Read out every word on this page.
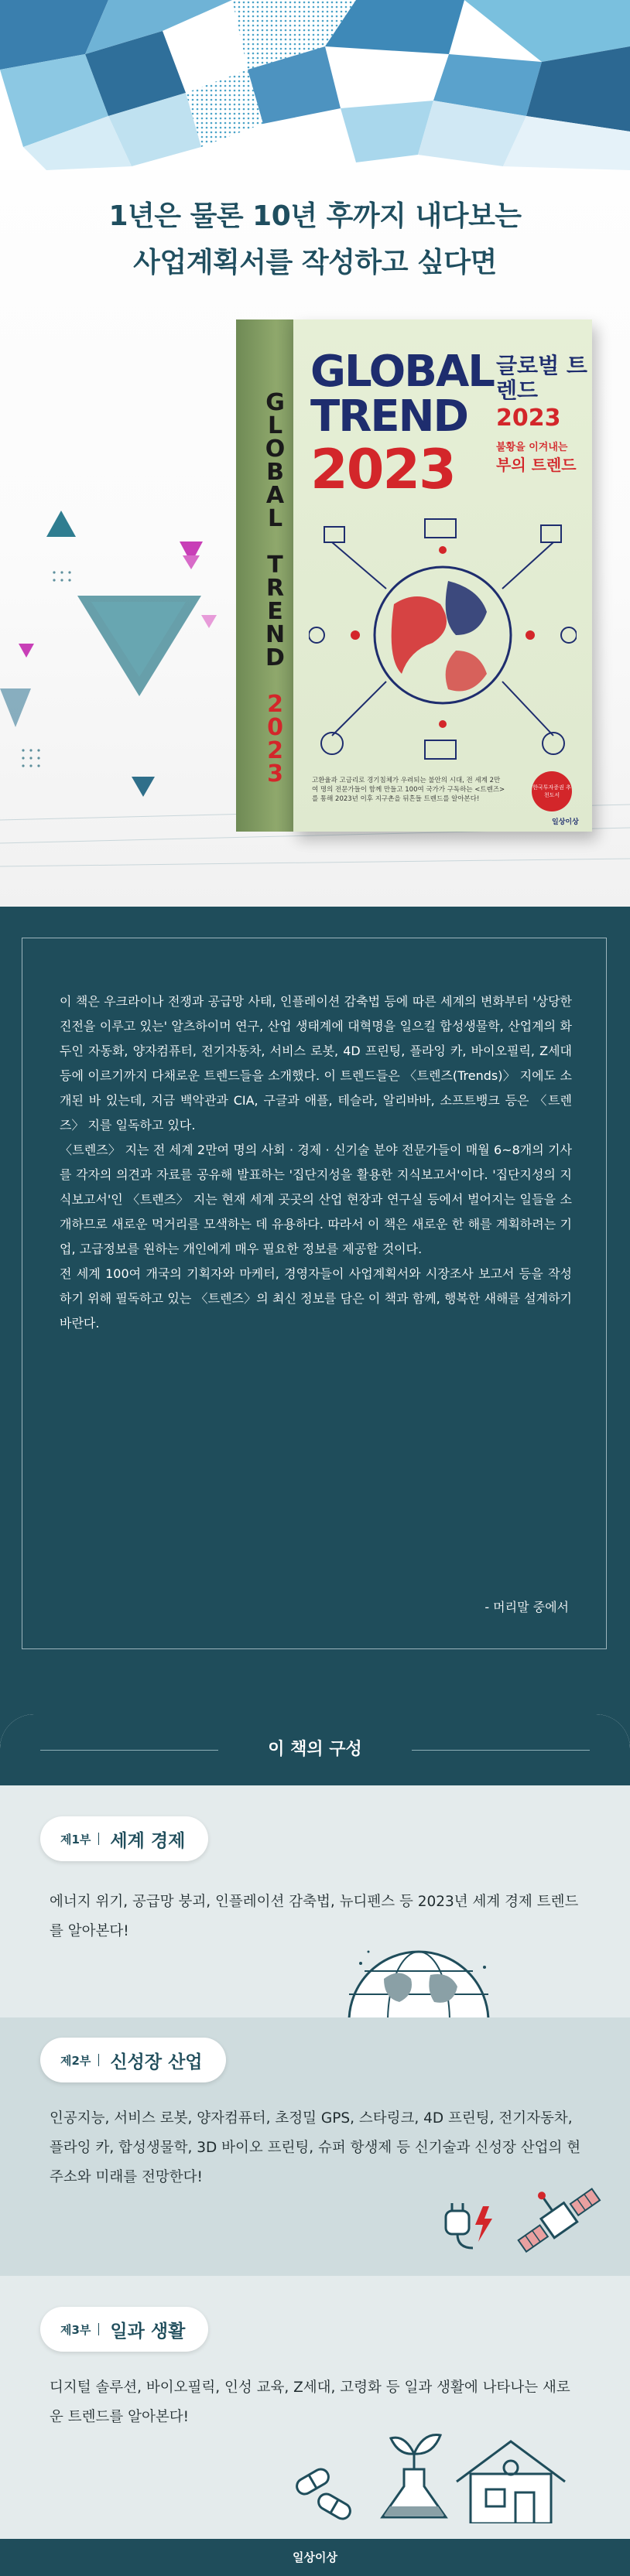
1년은 물론 10년 후까지 내다보는
사업계획서를 작성하고 싶다면
GLOBAL TREND 2023
GLOBAL
TREND
2023
글로벌 트렌드
2023
불황을 이겨내는
부의 트렌드
고환율과 고금리로 경기침체가 우려되는 불안의 시대, 전 세계 2만여 명의 전문가들이 함께 만들고 100여 국가가 구독하는 <트렌즈>를 통해 2023년 이후 지구촌을 뒤흔들 트렌드를 알아본다!
한국투자증권 추천도서
일상이상

이 책은 우크라이나 전쟁과 공급망 사태, 인플레이션 감축법 등에 따른 세계의 변화부터 '상당한 진전을 이루고 있는' 알츠하이머 연구, 산업 생태계에 대혁명을 일으킬 합성생물학, 산업계의 화두인 자동화, 양자컴퓨터, 전기자동차, 서비스 로봇, 4D 프린팅, 플라잉 카, 바이오필릭, Z세대 등에 이르기까지 다채로운 트렌드들을 소개했다. 이 트렌드들은 〈트렌즈(Trends)〉 지에도 소개된 바 있는데, 지금 백악관과 CIA, 구글과 애플, 테슬라, 알리바바, 소프트뱅크 등은 〈트렌즈〉 지를 일독하고 있다.

〈트렌즈〉 지는 전 세계 2만여 명의 사회 · 경제 · 신기술 분야 전문가들이 매월 6~8개의 기사를 각자의 의견과 자료를 공유해 발표하는 '집단지성을 활용한 지식보고서'이다. '집단지성의 지식보고서'인 〈트렌즈〉 지는 현재 세계 곳곳의 산업 현장과 연구실 등에서 벌어지는 일들을 소개하므로 새로운 먹거리를 모색하는 데 유용하다. 따라서 이 책은 새로운 한 해를 계획하려는 기업, 고급정보를 원하는 개인에게 매우 필요한 정보를 제공할 것이다.

전 세계 100여 개국의 기획자와 마케터, 경영자들이 사업계획서와 시장조사 보고서 등을 작성하기 위해 필독하고 있는 〈트렌즈〉의 최신 정보를 담은 이 책과 함께, 행복한 새해를 설계하기 바란다.

- 머리말 중에서
이 책의 구성
제1부 세계 경제
에너지 위기, 공급망 붕괴, 인플레이션 감축법, 뉴디펜스 등 2023년 세계 경제 트렌드를 알아본다!
제2부 신성장 산업
인공지능, 서비스 로봇, 양자컴퓨터, 초정밀 GPS, 스타링크, 4D 프린팅, 전기자동차, 플라잉 카, 합성생물학, 3D 바이오 프린팅, 슈퍼 항생제 등 신기술과 신성장 산업의 현주소와 미래를 전망한다!
제3부 일과 생활
디지털 솔루션, 바이오필릭, 인성 교육, Z세대, 고령화 등 일과 생활에 나타나는 새로운 트렌드를 알아본다!
일상이상
